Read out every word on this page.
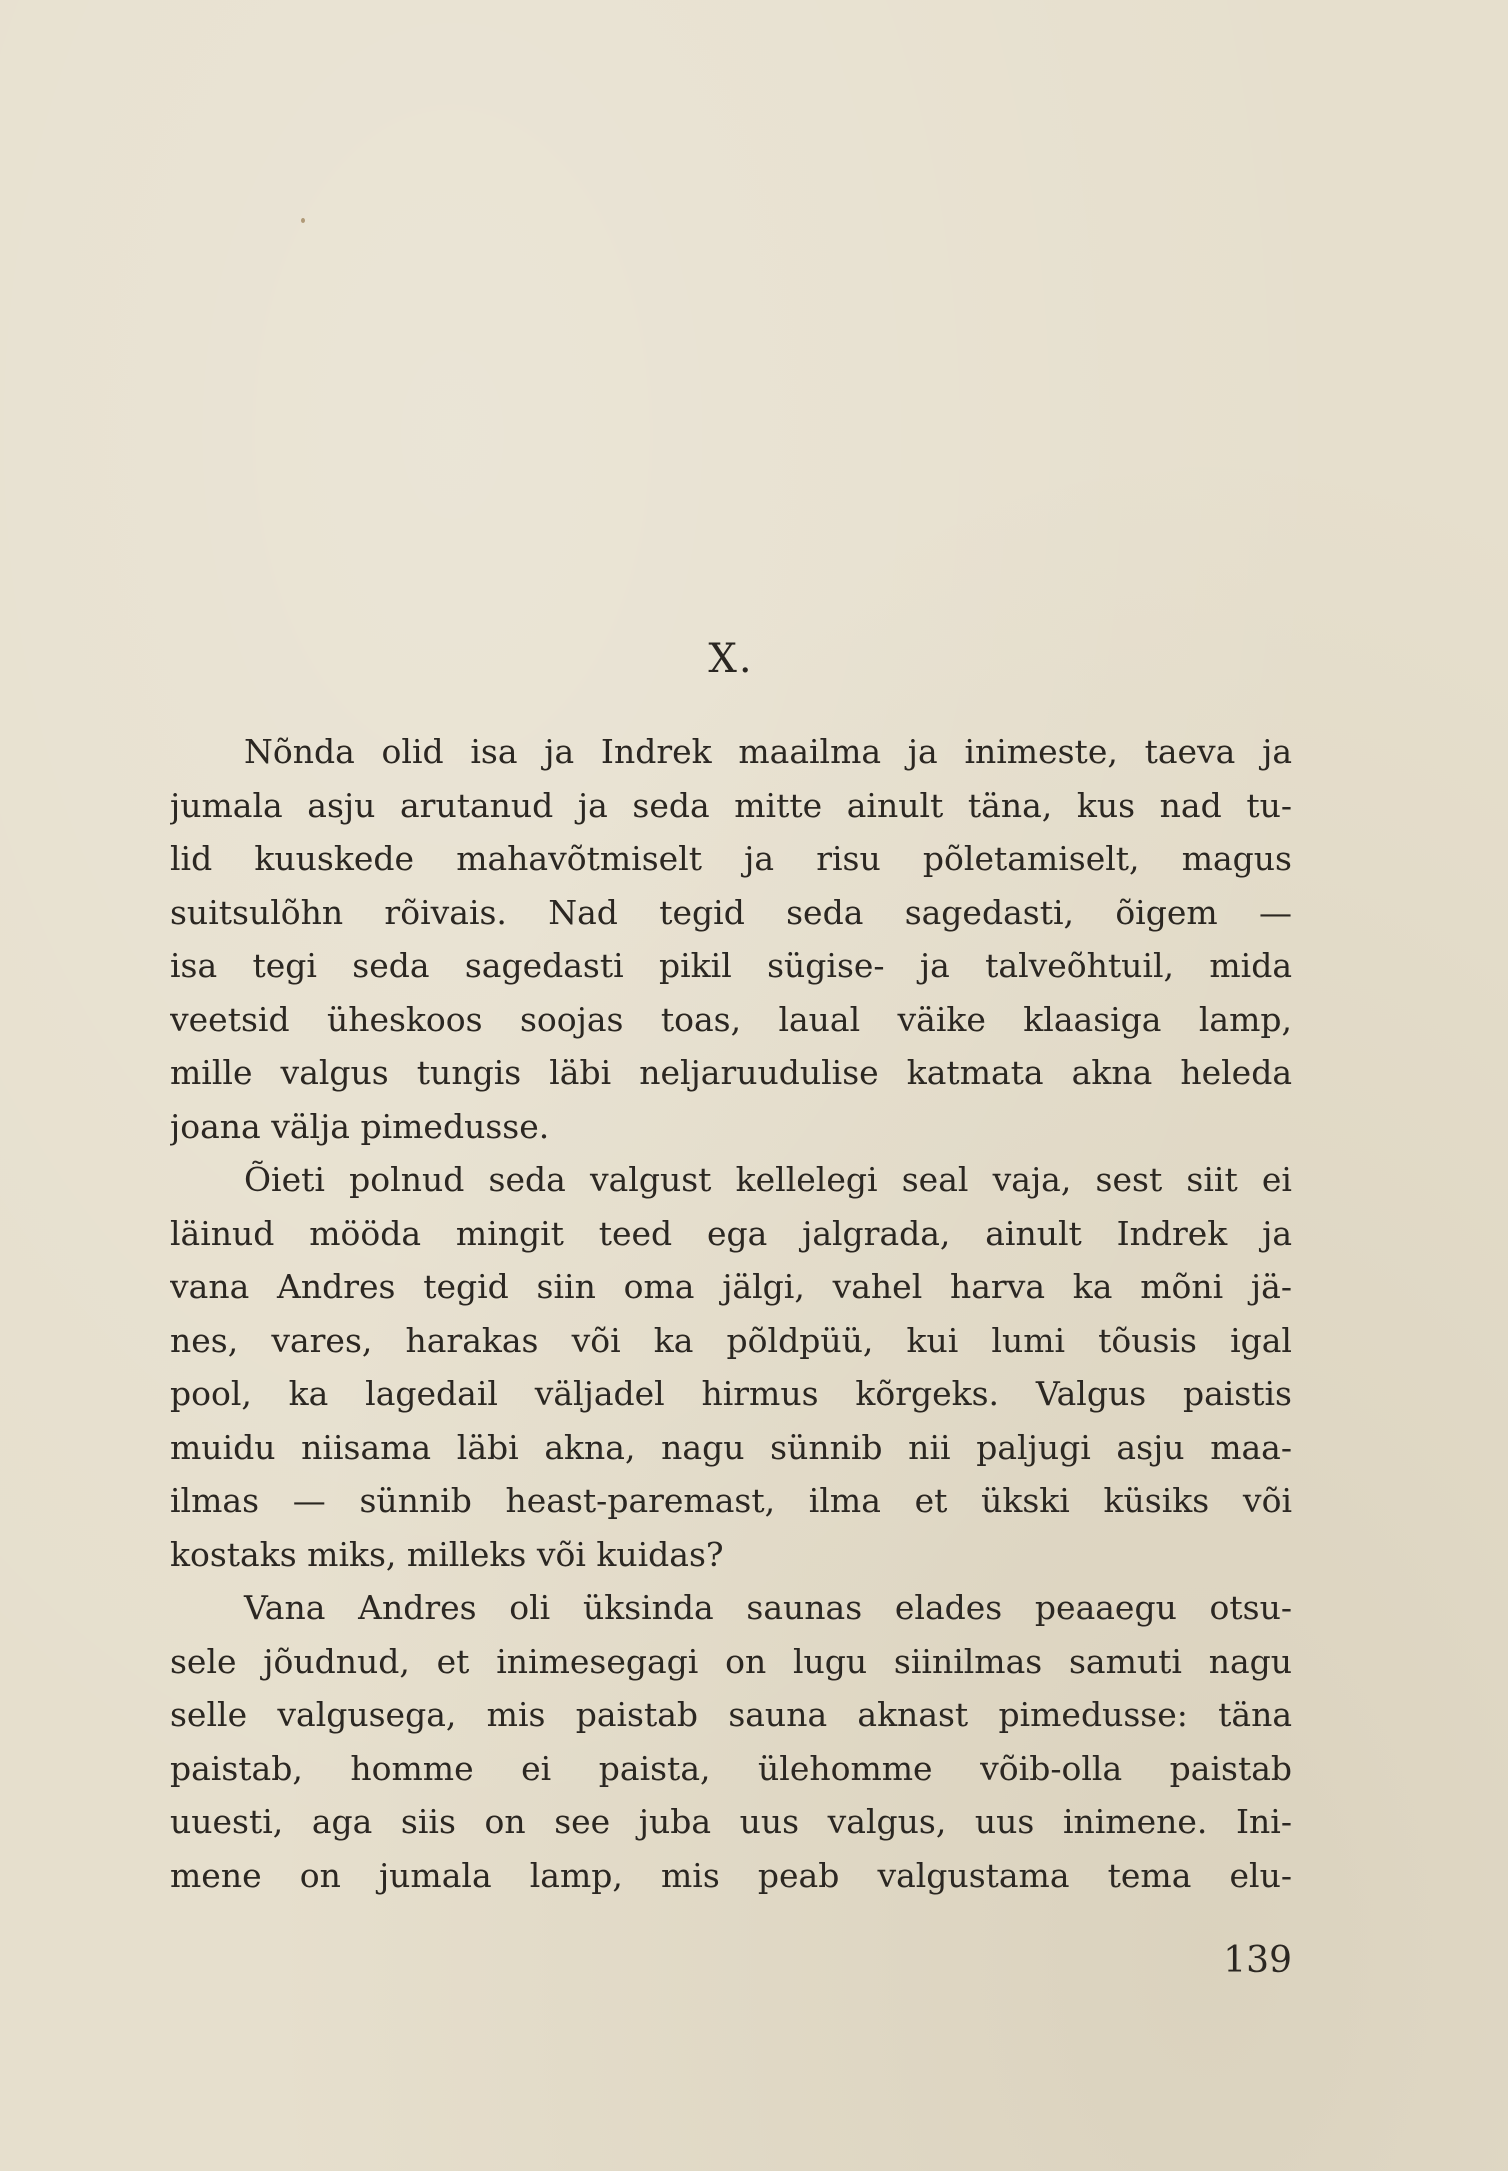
X.
Nõnda olid isa ja Indrek maailma ja inimeste, taeva ja
jumala asju arutanud ja seda mitte ainult täna, kus nad tu-
lid kuuskede mahavõtmiselt ja risu põletamiselt, magus
suitsulõhn rõivais. Nad tegid seda sagedasti, õigem —
isa tegi seda sagedasti pikil sügise- ja talveõhtuil, mida
veetsid üheskoos soojas toas, laual väike klaasiga lamp,
mille valgus tungis läbi neljaruudulise katmata akna heleda
joana välja pimedusse.
Õieti polnud seda valgust kellelegi seal vaja, sest siit ei
läinud mööda mingit teed ega jalgrada, ainult Indrek ja
vana Andres tegid siin oma jälgi, vahel harva ka mõni jä-
nes, vares, harakas või ka põldpüü, kui lumi tõusis igal
pool, ka lagedail väljadel hirmus kõrgeks. Valgus paistis
muidu niisama läbi akna, nagu sünnib nii paljugi asju maa-
ilmas — sünnib heast-paremast, ilma et ükski küsiks või
kostaks miks, milleks või kuidas?
Vana Andres oli üksinda saunas elades peaaegu otsu-
sele jõudnud, et inimesegagi on lugu siinilmas samuti nagu
selle valgusega, mis paistab sauna aknast pimedusse: täna
paistab, homme ei paista, ülehomme võib-olla paistab
uuesti, aga siis on see juba uus valgus, uus inimene. Ini-
mene on jumala lamp, mis peab valgustama tema elu-
139
